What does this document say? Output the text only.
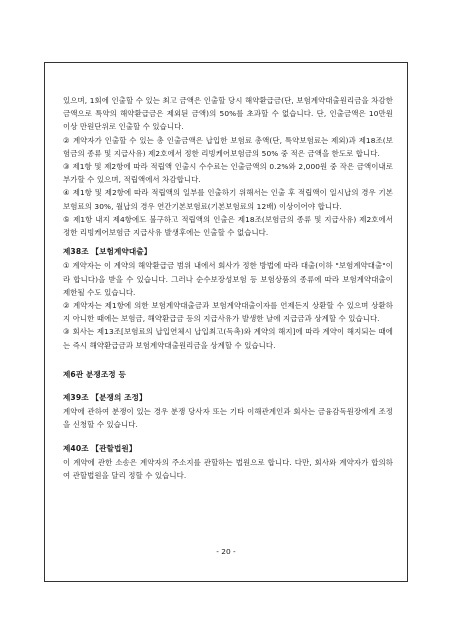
있으며, 1회에 인출할 수 있는 최고 금액은 인출할 당시 해약환급금(단, 보험계약대출원리금을 차감한 금액으로 특약의 해약환급금은 제외된 금액)의 50%를 초과할 수 없습니다. 단, 인출금액은 10만원 이상 만원단위로 인출할 수 있습니다.

② 계약자가 인출할 수 있는 총 인출금액은 납입한 보험료 총액(단, 특약보험료는 제외)과 제18조(보험금의 종류 및 지급사유) 제2호에서 정한 리빙케어보험금의 50% 중 적은 금액을 한도로 합니다.

③ 제1항 및 제2항에 따라 적립액 인출시 수수료는 인출금액의 0.2%와 2,000원 중 작은 금액이내로 부가할 수 있으며, 적립액에서 차감합니다.

④ 제1항 및 제2항에 따라 적립액의 일부를 인출하기 위해서는 인출 후 적립액이 일시납의 경우 기본보험료의 30%, 월납의 경우 연간기본보험료(기본보험료의 12배) 이상이어야 합니다.

⑤ 제1항 내지 제4항에도 불구하고 적립액의 인출은 제18조(보험금의 종류 및 지급사유) 제2호에서 정한 리빙케어보험금 지급사유 발생후에는 인출할 수 없습니다.

제38조 【보험계약대출】

① 계약자는 이 계약의 해약환급금 범위 내에서 회사가 정한 방법에 따라 대출(이하 "보험계약대출"이라 합니다)을 받을 수 있습니다. 그러나 순수보장성보험 등 보험상품의 종류에 따라 보험계약대출이 제한될 수도 있습니다.

② 계약자는 제1항에 의한 보험계약대출금과 보험계약대출이자를 언제든지 상환할 수 있으며 상환하지 아니한 때에는 보험금, 해약환급금 등의 지급사유가 발생한 날에 지급금과 상계할 수 있습니다.

③ 회사는 제13조[보험료의 납입연체시 납입최고(독촉)와 계약의 해지]에 따라 계약이 해지되는 때에는 즉시 해약환급금과 보험계약대출원리금을 상계할 수 있습니다.

제6관 분쟁조정 등

제39조 【분쟁의 조정】

계약에 관하여 분쟁이 있는 경우 분쟁 당사자 또는 기타 이해관계인과 회사는 금융감독원장에게 조정을 신청할 수 있습니다.

제40조 【관할법원】

이 계약에 관한 소송은 계약자의 주소지를 관할하는 법원으로 합니다. 다만, 회사와 계약자가 합의하여 관할법원을 달리 정할 수 있습니다.

- 20 -
